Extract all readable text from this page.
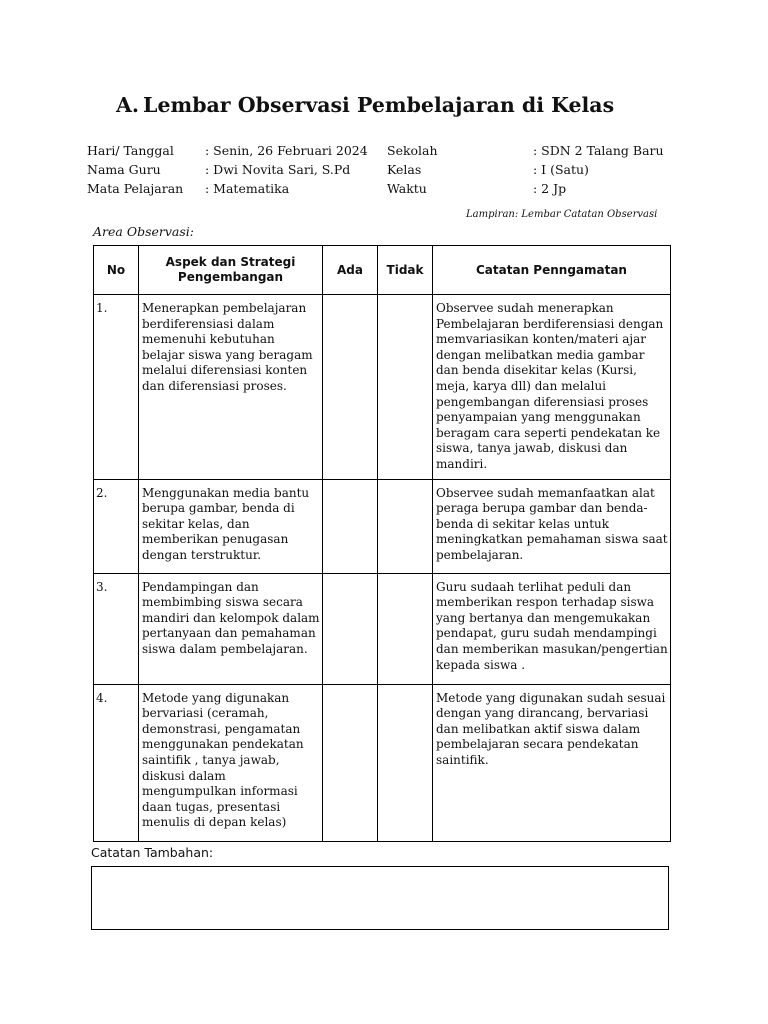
A. Lembar Observasi Pembelajaran di Kelas
Hari/ Tanggal : Senin, 26 Februari 2024 Sekolah	: SDN 2 Talang Baru
Nama Guru	: Dwi Novita Sari, S.Pd	Kelas	: I (Satu)
Mata Pelajaran : Matematika	Waktu	: 2 Jp
Lampiran: Lembar Catatan Observasi
Area Observasi:
No	Aspek dan Strategi Pengembangan	Ada	Tidak	Catatan Penngamatan
1.	Menerapkan pembelajaran berdiferensiasi dalam memenuhi kebutuhan belajar siswa yang beragam melalui diferensiasi konten dan diferensiasi proses.			Observee sudah menerapkan Pembelajaran berdiferensiasi dengan memvariasikan konten/materi ajar dengan melibatkan media gambar dan benda disekitar kelas (Kursi, meja, karya dll) dan melalui pengembangan diferensiasi proses penyampaian yang menggunakan beragam cara seperti pendekatan ke siswa, tanya jawab, diskusi dan mandiri.
2.	Menggunakan media bantu berupa gambar, benda di sekitar kelas, dan memberikan penugasan dengan terstruktur.			Observee sudah memanfaatkan alat peraga berupa gambar dan benda-benda di sekitar kelas untuk meningkatkan pemahaman siswa saat pembelajaran.
3.	Pendampingan dan membimbing siswa secara mandiri dan kelompok dalam pertanyaan dan pemahaman siswa dalam pembelajaran.			Guru sudaah terlihat peduli dan memberikan respon terhadap siswa yang bertanya dan mengemukakan pendapat, guru sudah mendampingi dan memberikan masukan/pengertian kepada siswa .
4.	Metode yang digunakan bervariasi (ceramah, demonstrasi, pengamatan menggunakan pendekatan saintifik , tanya jawab, diskusi dalam mengumpulkan informasi daan tugas, presentasi menulis di depan kelas)			Metode yang digunakan sudah sesuai dengan yang dirancang, bervariasi dan melibatkan aktif siswa dalam pembelajaran secara pendekatan saintifik.
Catatan Tambahan:
